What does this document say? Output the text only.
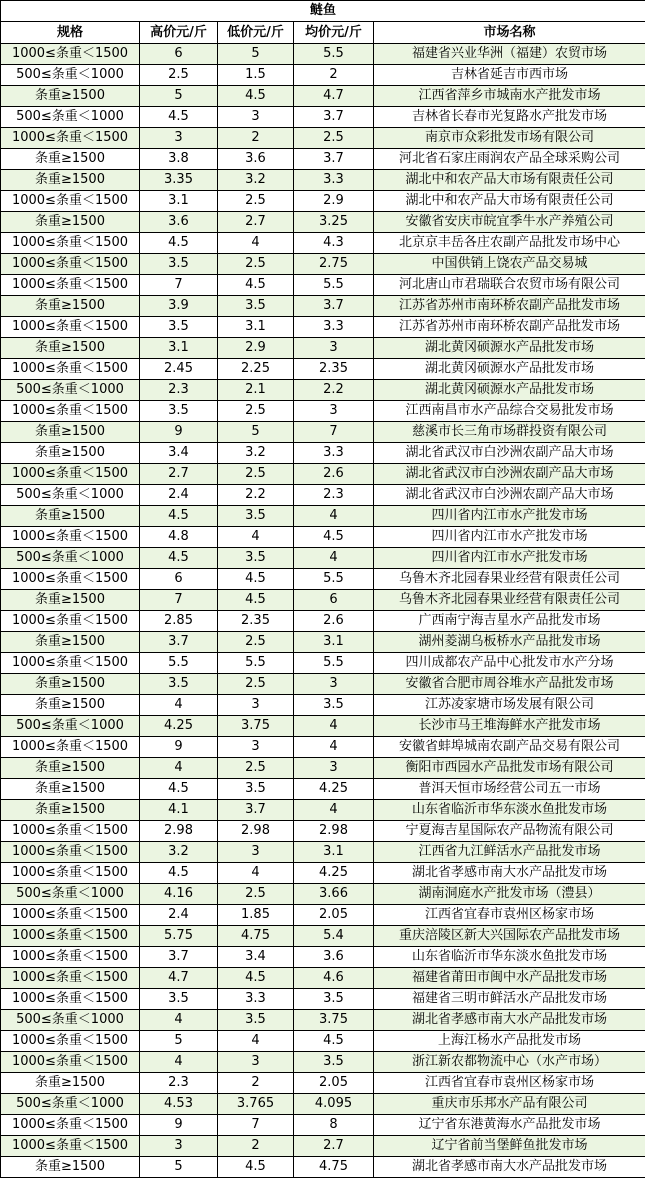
鲢鱼				
规格	高价元/斤	低价元/斤	均价元/斤	市场名称
1000≤条重＜1500	6	5	5.5	福建省兴业华洲（福建）农贸市场
500≤条重＜1000	2.5	1.5	2	吉林省延吉市西市场
条重≥1500	5	4.5	4.7	江西省萍乡市城南水产批发市场
500≤条重＜1000	4.5	3	3.7	吉林省长春市光复路水产批发市场
1000≤条重＜1500	3	2	2.5	南京市众彩批发市场有限公司
条重≥1500	3.8	3.6	3.7	河北省石家庄雨润农产品全球采购公司
条重≥1500	3.35	3.2	3.3	湖北中和农产品大市场有限责任公司
1000≤条重＜1500	3.1	2.5	2.9	湖北中和农产品大市场有限责任公司
条重≥1500	3.6	2.7	3.25	安徽省安庆市皖宜季牛水产养殖公司
1000≤条重＜1500	4.5	4	4.3	北京京丰岳各庄农副产品批发市场中心
1000≤条重＜1500	3.5	2.5	2.75	中国供销上饶农产品交易城
1000≤条重＜1500	7	4.5	5.5	河北唐山市君瑞联合农贸市场有限公司
条重≥1500	3.9	3.5	3.7	江苏省苏州市南环桥农副产品批发市场
1000≤条重＜1500	3.5	3.1	3.3	江苏省苏州市南环桥农副产品批发市场
条重≥1500	3.1	2.9	3	湖北黄冈硕源水产品批发市场
1000≤条重＜1500	2.45	2.25	2.35	湖北黄冈硕源水产品批发市场
500≤条重＜1000	2.3	2.1	2.2	湖北黄冈硕源水产品批发市场
1000≤条重＜1500	3.5	2.5	3	江西南昌市水产品综合交易批发市场
条重≥1500	9	5	7	慈溪市长三角市场群投资有限公司
条重≥1500	3.4	3.2	3.3	湖北省武汉市白沙洲农副产品大市场
1000≤条重＜1500	2.7	2.5	2.6	湖北省武汉市白沙洲农副产品大市场
500≤条重＜1000	2.4	2.2	2.3	湖北省武汉市白沙洲农副产品大市场
条重≥1500	4.5	3.5	4	四川省内江市水产批发市场
1000≤条重＜1500	4.8	4	4.5	四川省内江市水产批发市场
500≤条重＜1000	4.5	3.5	4	四川省内江市水产批发市场
1000≤条重＜1500	6	4.5	5.5	乌鲁木齐北园春果业经营有限责任公司
条重≥1500	7	4.5	6	乌鲁木齐北园春果业经营有限责任公司
1000≤条重＜1500	2.85	2.35	2.6	广西南宁海吉星水产品批发市场
条重≥1500	3.7	2.5	3.1	湖州菱湖乌板桥水产品批发市场
1000≤条重＜1500	5.5	5.5	5.5	四川成都农产品中心批发市水产分场
条重≥1500	3.5	2.5	3	安徽省合肥市周谷堆水产品批发市场
条重≥1500	4	3	3.5	江苏凌家塘市场发展有限公司
500≤条重＜1000	4.25	3.75	4	长沙市马王堆海鲜水产批发市场
1000≤条重＜1500	9	3	4	安徽省蚌埠城南农副产品交易有限公司
条重≥1500	4	2.5	3	衡阳市西园水产品批发市场有限公司
条重≥1500	4.5	3.5	4.25	普洱天恒市场经营公司五一市场
条重≥1500	4.1	3.7	4	山东省临沂市华东淡水鱼批发市场
1000≤条重＜1500	2.98	2.98	2.98	宁夏海吉星国际农产品物流有限公司
1000≤条重＜1500	3.2	3	3.1	江西省九江鲜活水产品批发市场
1000≤条重＜1500	4.5	4	4.25	湖北省孝感市南大水产品批发市场
500≤条重＜1000	4.16	2.5	3.66	湖南洞庭水产批发市场（澧县）
1000≤条重＜1500	2.4	1.85	2.05	江西省宜春市袁州区杨家市场
1000≤条重＜1500	5.75	4.75	5.4	重庆涪陵区新大兴国际农产品批发市场
1000≤条重＜1500	3.7	3.4	3.6	山东省临沂市华东淡水鱼批发市场
1000≤条重＜1500	4.7	4.5	4.6	福建省莆田市闽中水产品批发市场
1000≤条重＜1500	3.5	3.3	3.5	福建省三明市鲜活水产品批发市场
500≤条重＜1000	4	3.5	3.75	湖北省孝感市南大水产品批发市场
1000≤条重＜1500	5	4	4.5	上海江杨水产品批发市场
1000≤条重＜1500	4	3	3.5	浙江新农都物流中心（水产市场）
条重≥1500	2.3	2	2.05	江西省宜春市袁州区杨家市场
500≤条重＜1000	4.53	3.765	4.095	重庆市乐邦水产品有限公司
1000≤条重＜1500	9	7	8	辽宁省东港黄海水产品批发市场
1000≤条重＜1500	3	2	2.7	辽宁省前当堡鲜鱼批发市场
条重≥1500	5	4.5	4.75	湖北省孝感市南大水产品批发市场
